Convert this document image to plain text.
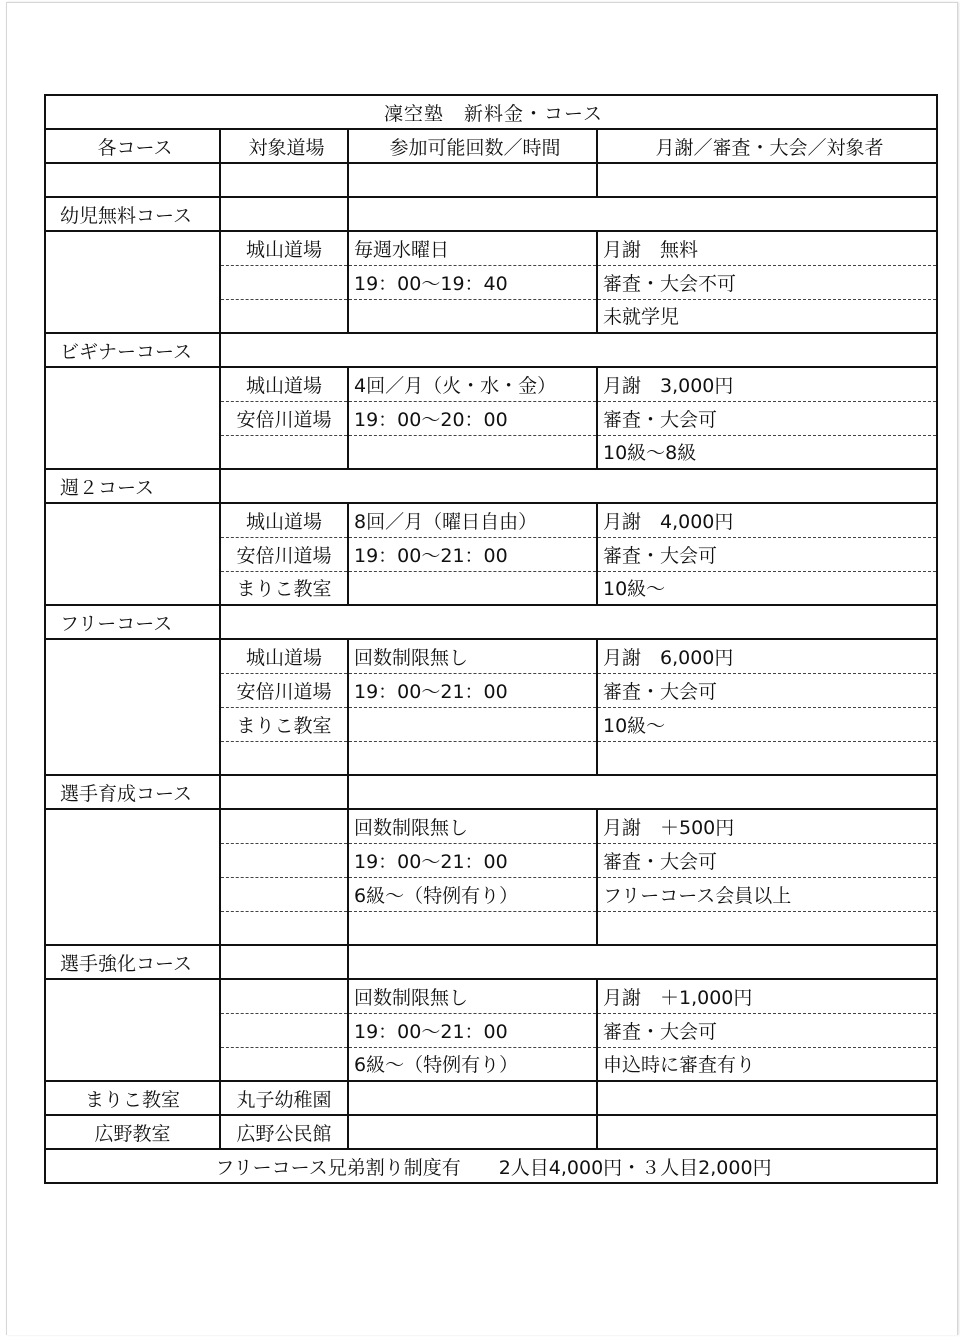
凜空塾　新料金・コース			
各コース	対象道場	参加可能回数／時間	月謝／審査・大会／対象者

幼児無料コース			
	城山道場	毎週水曜日	月謝　無料
		19：00～19：40	審査・大会不可
			未就学児
ビギナーコース			
	城山道場	4回／月（火・水・金）	月謝　3,000円
	安倍川道場	19：00～20：00	審査・大会可
			10級～8級
週２コース			
	城山道場	8回／月（曜日自由）	月謝　4,000円
	安倍川道場	19：00～21：00	審査・大会可
	まりこ教室		10級～
フリーコース			
	城山道場	回数制限無し	月謝　6,000円
	安倍川道場	19：00～21：00	審査・大会可
	まりこ教室		10級～

選手育成コース			
		回数制限無し	月謝　＋500円
		19：00～21：00	審査・大会可
		6級～（特例有り）	フリーコース会員以上

選手強化コース			
		回数制限無し	月謝　＋1,000円
		19：00～21：00	審査・大会可
		6級～（特例有り）	申込時に審査有り
まりこ教室	丸子幼稚園		
広野教室	広野公民館		
フリーコース兄弟割り制度有　　2人目4,000円・３人目2,000円			
